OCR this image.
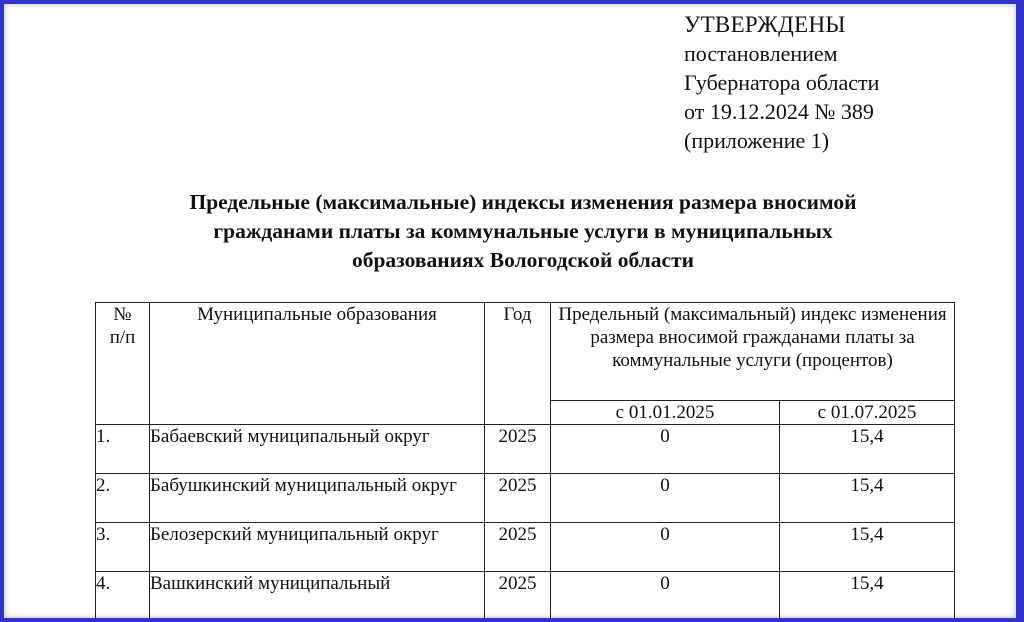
УТВЕРЖДЕНЫ
постановлением
Губернатора области
от 19.12.2024 № 389
(приложение 1)
Предельные (максимальные) индексы изменения размера вносимой
гражданами платы за коммунальные услуги в муниципальных
образованиях Вологодской области
№
п/п	Муниципальные образования	Год	Предельный (максимальный) индекс изменения размера вносимой гражданами платы за коммунальные услуги (процентов)	
			с 01.01.2025	с 01.07.2025
1.	Бабаевский муниципальный округ	2025	0	15,4
2.	Бабушкинский муниципальный округ	2025	0	15,4
3.	Белозерский муниципальный округ	2025	0	15,4
4.	Вашкинский муниципальный	2025	0	15,4
